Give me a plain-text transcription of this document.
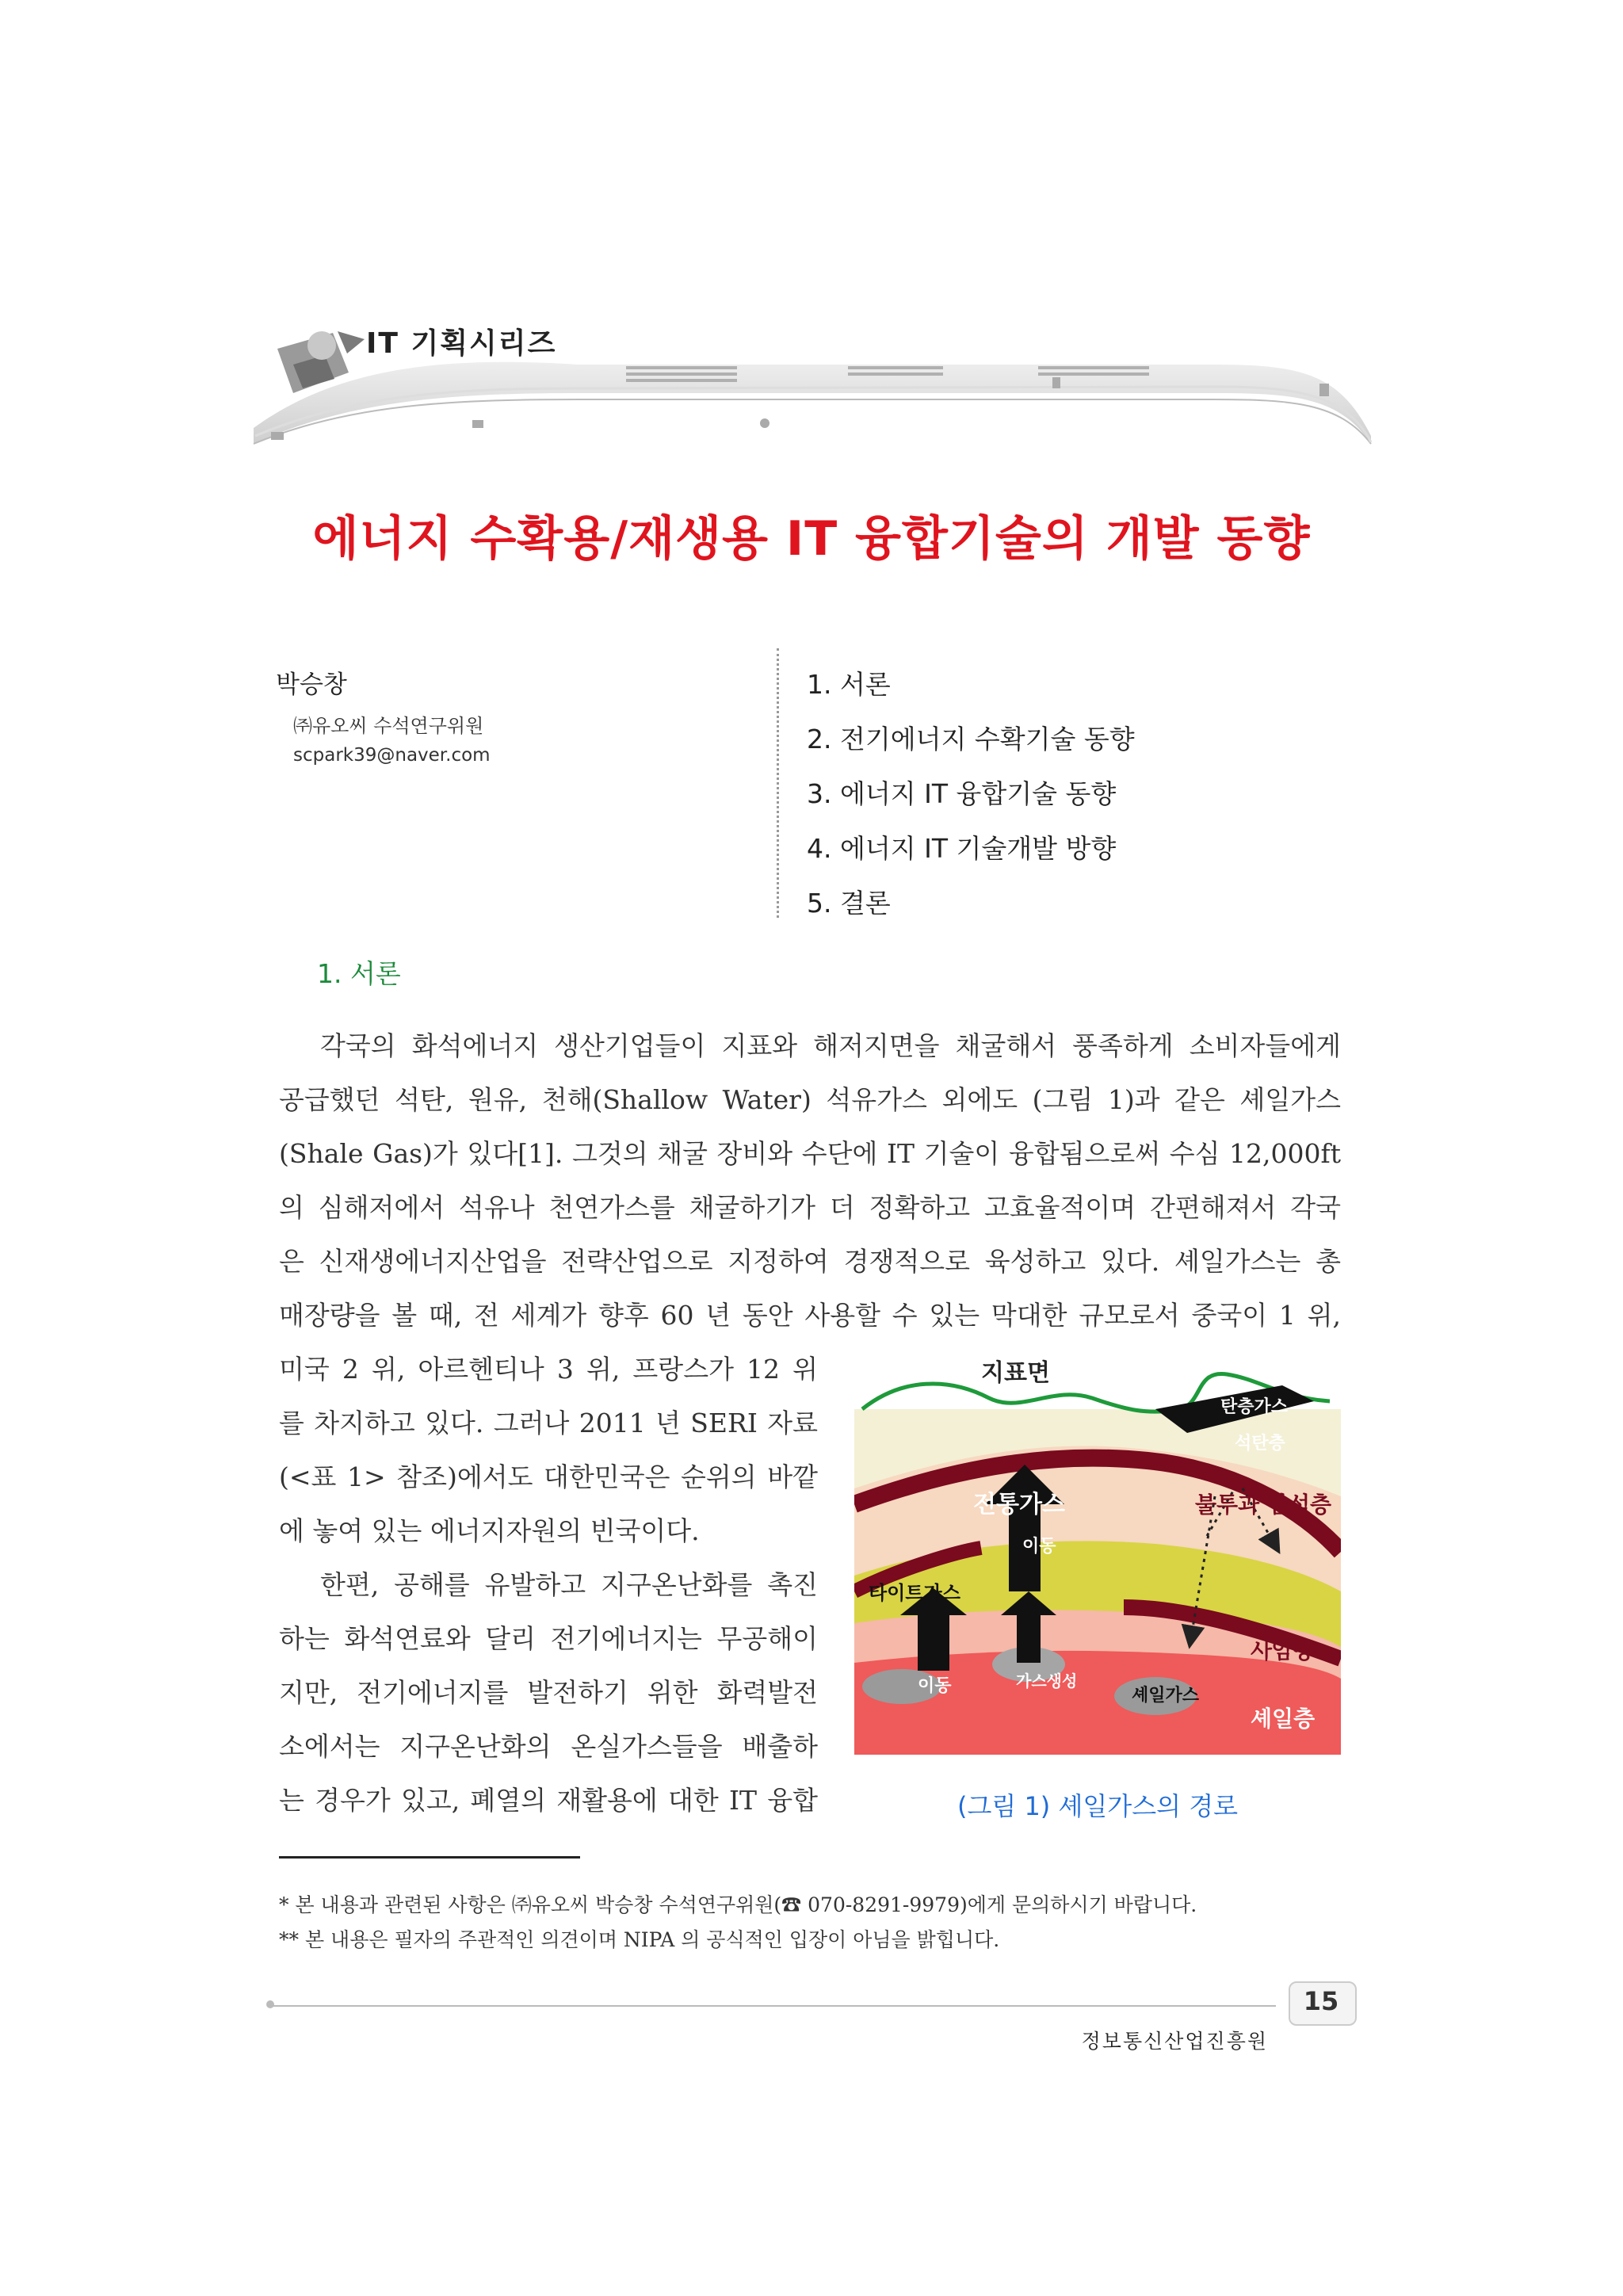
IT 기획시리즈
에너지 수확용/재생용 IT 융합기술의 개발 동향
박승창
㈜유오씨 수석연구위원
scpark39@naver.com
1. 서론
2. 전기에너지 수확기술 동향
3. 에너지 IT 융합기술 동향
4. 에너지 IT 기술개발 방향
5. 결론
1. 서론
각국의 화석에너지 생산기업들이 지표와 해저지면을 채굴해서 풍족하게 소비자들에게
공급했던 석탄, 원유, 천해(Shallow Water) 석유가스 외에도 (그림 1)과 같은 셰일가스
(Shale Gas)가 있다[1]. 그것의 채굴 장비와 수단에 IT 기술이 융합됨으로써 수심 12,000ft
의 심해저에서 석유나 천연가스를 채굴하기가 더 정확하고 고효율적이며 간편해져서 각국
은 신재생에너지산업을 전략산업으로 지정하여 경쟁적으로 육성하고 있다. 셰일가스는 총
매장량을 볼 때, 전 세계가 향후 60 년 동안 사용할 수 있는 막대한 규모로서 중국이 1 위,
미국 2 위, 아르헨티나 3 위, 프랑스가 12 위
를 차지하고 있다. 그러나 2011 년 SERI 자료
(<표 1> 참조)에서도 대한민국은 순위의 바깥
에 놓여 있는 에너지자원의 빈국이다.
한편, 공해를 유발하고 지구온난화를 촉진
하는 화석연료와 달리 전기에너지는 무공해이
지만, 전기에너지를 발전하기 위한 화력발전
소에서는 지구온난화의 온실가스들을 배출하
는 경우가 있고, 폐열의 재활용에 대한 IT 융합
지표면
탄층가스
석탄층
전통가스	불투과 암석층
이동
타이트가스
이동	가스생성
셰일가스
사암층
셰일층
(그림 1) 셰일가스의 경로
* 본 내용과 관련된 사항은 ㈜유오씨 박승창 수석연구위원(☎ 070-8291-9979)에게 문의하시기 바랍니다.
** 본 내용은 필자의 주관적인 의견이며 NIPA 의 공식적인 입장이 아님을 밝힙니다.
15
정보통신산업진흥원
